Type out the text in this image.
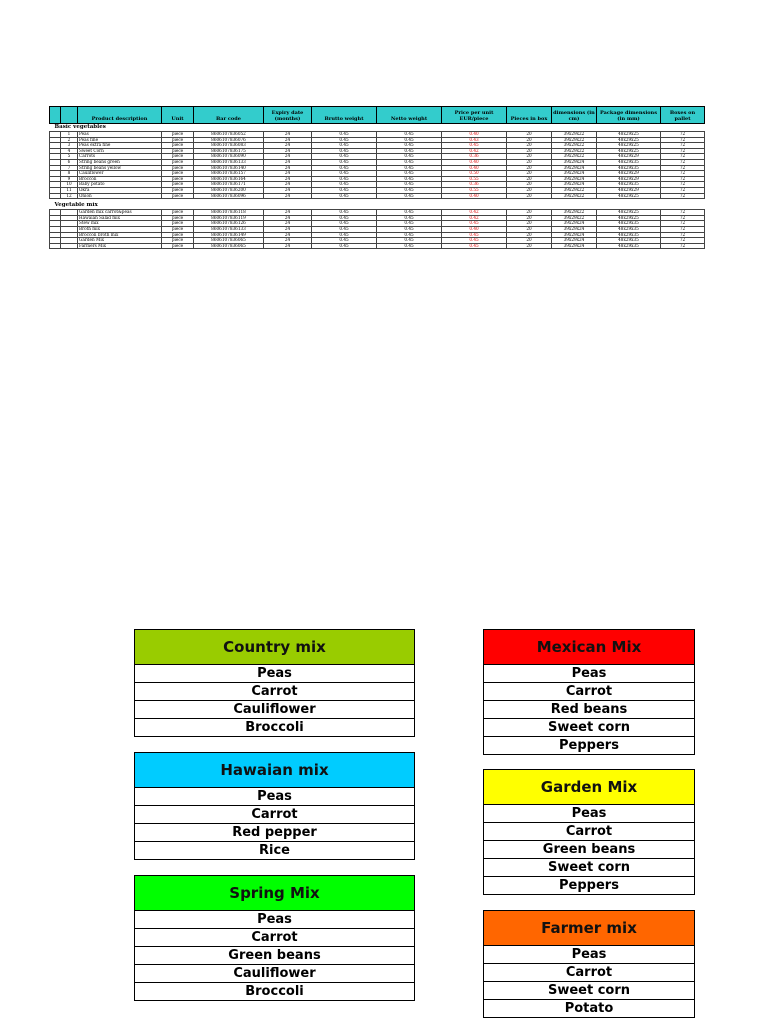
		Product description	Unit	Bar code	Expiry date (months)	Brutto weight	Netto weight	Price per unit EUR/piece	Pieces in box	dimensions (in cm)	Package dimensions (in mm)	Boxes on pallet
Basic vegetables												
	1	Peas	piece	8606107836052	24	0.45	0.45	0.40	20	39x29x22	48x29x25	72
	2	Peas fine	piece	8606107836076	24	0.45	0.45	0.43	20	39x29x22	48x29x25	72
	3	Peas extra fine	piece	8606107836083	24	0.45	0.45	0.45	20	39x29x22	48x29x25	72
	4	Sweet Corn	piece	8606107836175	24	0.45	0.45	0.42	20	39x29x22	48x29x25	72
	5	Carrots	piece	8606107836090	24	0.45	0.45	0.36	20	39x29x22	48x29x29	72
	6	String beans green	piece	8606107836133	24	0.45	0.45	0.40	20	39x29x24	48x29x35	72
	7	String beans yellow	piece	8606107836140	24	0.45	0.45	0.40	20	39x29x24	48x29x35	72
	8	Cauliflower	piece	8606107836157	24	0.45	0.45	0.50	20	39x29x24	48x29x29	72
	9	Broccoli	piece	8606107836164	24	0.45	0.45	0.55	20	39x29x24	48x29x29	72
	10	Baby potato	piece	8606107836171	24	0.45	0.45	0.36	20	39x29x24	48x29x35	72
	11	Okra	piece	8606107836200	24	0.45	0.45	0.55	20	39x29x22	48x29x29	72
	12	Onion	piece	8606107836096	24	0.45	0.45	0.40	20	39x29x22	48x29x25	72

Vegetable mix												
		Garden mix carrot&peas	piece	8606107836118	24	0.45	0.45	0.42	20	39x29x22	48x29x25	72
		Hawaian Salad mix	piece	8606107836119	24	0.45	0.45	0.42	20	39x29x22	48x29x25	72
		Stew mix	piece	8606107836126	24	0.45	0.45	0.45	20	39x29x24	48x29x35	72
		Broth mix	piece	8606107836133	24	0.45	0.45	0.40	20	39x29x24	48x29x35	72
		Broccoli broth mix	piece	8606107836149	24	0.45	0.45	0.45	20	39x29x24	48x29x35	72
		Garden Mix	piece	8606107836065	24	0.45	0.45	0.45	20	39x29x24	48x29x35	72
		Farmers Mix	piece	8606107836065	24	0.45	0.45	0.45	20	39x29x24	48x29x35	72
Country mix
Peas
Carrot
Cauliflower
Broccoli
Hawaian mix
Peas
Carrot
Red pepper
Rice
Spring Mix
Peas
Carrot
Green beans
Cauliflower
Broccoli
Mexican Mix
Peas
Carrot
Red beans
Sweet corn
Peppers
Garden Mix
Peas
Carrot
Green beans
Sweet corn
Peppers
Farmer mix
Peas
Carrot
Sweet corn
Potato
